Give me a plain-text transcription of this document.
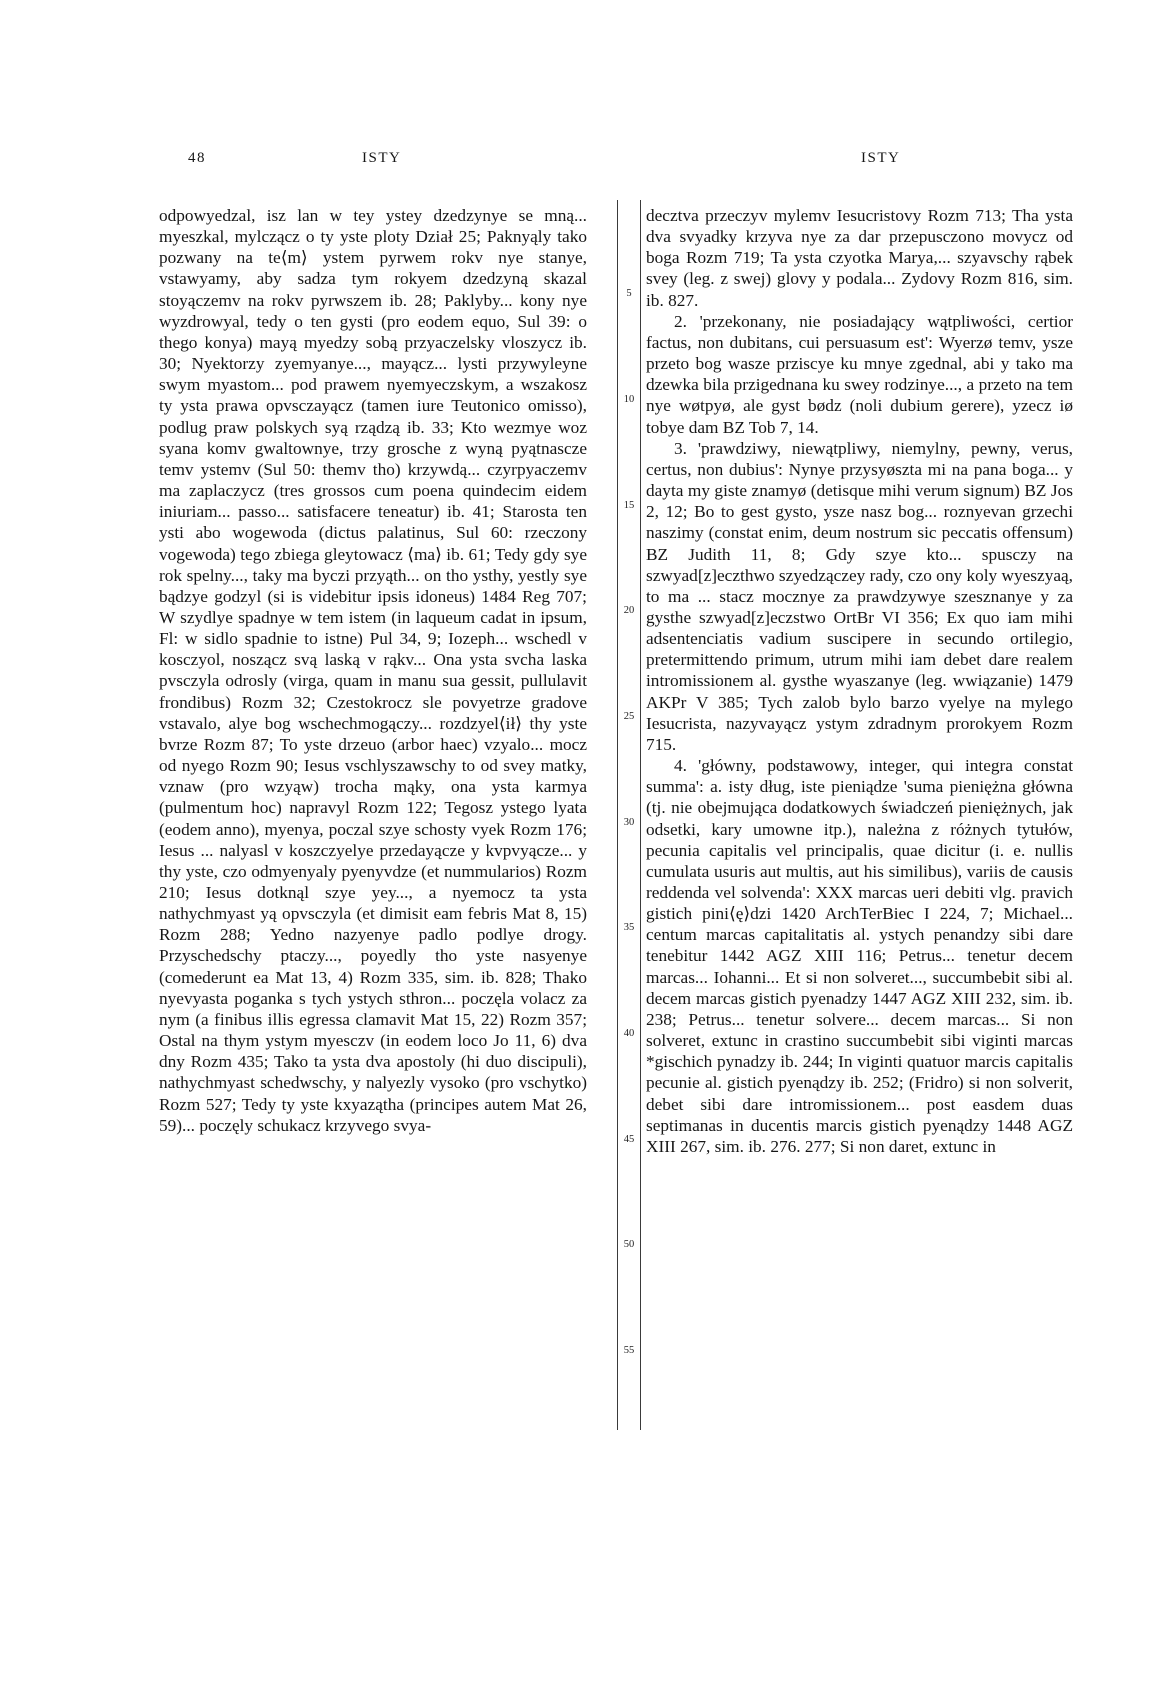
48	ISTY	ISTY
5
10
15
20
25
30
35
40
45
50
55

odpowyedzal, isz lan w tey ystey dzedzynye se mną... myeszkal, mylcząсz o ty yste ploty Dział 25; Paknyąly tako pozwany na te⟨m⟩ ystem pyrwem rokv nye stanye, vstawyamy, aby sadza tym rokyem dzedzyną skazal stoyączemv na rokv pyrwszem ib. 28; Paklyby... kony nye wyzdrowyal, tedy o ten gysti (pro eodem equo, Sul 39: o thego konya) mayą myedzy sobą przyaczelsky vloszycz ib. 30; Nyektorzy zyemyanye..., mayącz... lysti przywyleyne swym myastom... pod prawem nyemyeczskym, a wszakosz ty ysta prawa opvsczayącz (tamen iure Teutonico omisso), podlug praw polskych syą rządzą ib. 33; Kto wezmye woz syana komv gwaltownye, trzy grosche z wyną pyątnascze temv ystemv (Sul 50: themv tho) krzywdą... czyrpyaczemv ma zaplaczycz (tres grossos cum poena quindecim eidem iniuriam... passo... satisfacere teneatur) ib. 41; Starosta ten ysti abo wogewoda (dictus palatinus, Sul 60: rzeczony vogewoda) tego zbiega gleytowacz ⟨ma⟩ ib. 61; Tedy gdy sye rok spelny..., taky ma byczi przyąth... on tho ysthy, yestly sye bądzye godzyl (si is videbitur ipsis idoneus) 1484 Reg 707; W szydlye spadnye w tem istem (in laqueum cadat in ipsum, Fl: w sidlo spadnie to istne) Pul 34, 9; Iozeph... wschedl v kosczyol, noszącz svą laską v rąkv... Ona ysta svcha laska pvsczyla odrosly (virga, quam in manu sua gessit, pullulavit frondibus) Rozm 32; Czestokrocz sle povyetrze gradove vstavalo, alye bog wschechmogączy... rozdzyel⟨ił⟩ thy yste bvrze Rozm 87; To yste drzeuo (arbor haec) vzyalo... mocz od nyego Rozm 90; Iesus vschlyszawschy to od svey matky, vznaw (pro wzyąw) trocha mąky, ona ysta karmya (pulmentum hoc) napravyl Rozm 122; Tegosz ystego lyata (eodem anno), myenya, poczal szye schosty vyek Rozm 176; Iesus ... nalyasl v koszczyelye przedayącze y kvpvyącze... y thy yste, czo odmyenyaly pyenyvdze (et nummularios) Rozm 210; Iesus dotknąl szye yey..., a nyemocz ta ysta nathychmyast yą opvsczyla (et dimisit eam febris Mat 8, 15) Rozm 288; Yedno nazyenye padlo podlye drogy. Przyschedschy ptaczy..., poyedly tho yste nasyenye (comederunt ea Mat 13, 4) Rozm 335, sim. ib. 828; Thako nyevyasta poganka s tych ystych sthron... poczęla volacz za nym (a finibus illis egressa clamavit Mat 15, 22) Rozm 357; Ostal na thym ystym myesczv (in eodem loco Jo 11, 6) dva dny Rozm 435; Tako ta ysta dva apostoly (hi duo discipuli), nathychmyast schedwschy, y nalyezly vysoko (pro vschytko) Rozm 527; Tedy ty yste kxyazątha (principes autem Mat 26, 59)... poczęly schukacz krzyvego svya-

decztva przeczyv mylemv Iesucristovy Rozm 713; Tha ysta dva svyadky krzyva nye za dar przepusczono movycz od boga Rozm 719; Ta ysta czyotka Marya,... szyavschy rąbek svey (leg. z swej) glovy y podala... Zydovy Rozm 816, sim. ib. 827.

2. 'przekonany, nie posiadający wątpliwości, certior factus, non dubitans, cui persuasum est': Wyerzø temv, ysze przeto bog wasze przisсye ku mnye zgednal, abi y tako ma dzewka bila przigednana ku swey rodzinye..., a przeto na tem nye wøtpyø, ale gyst bødz (noli dubium gerere), yzecz iø tobye dam BZ Tob 7, 14.

3. 'prawdziwy, niewątpliwy, niemylny, pewny, verus, certus, non dubius': Nynye przysyøszta mi na pana boga... y dayta my giste znamyø (detisque mihi verum signum) BZ Jos 2, 12; Bo to gest gysto, ysze nasz bog... roznyevan grzechi naszimy (constat enim, deum nostrum sic peccatis offensum) BZ Judith 11, 8; Gdy szye kto... spusczy na szwyad[z]eczthwo szyedząсzey rady, czo ony koly wyeszyaą, to ma ... stacz mocznye za prawdzywye szesznanye y za gysthe szwyad[z]eczstwo OrtBr VI 356; Ex quo iam mihi adsentenciatis vadium suscipere in secundo ortilegio, pretermittendo primum, utrum mihi iam debet dare realem intromissionem al. gysthe wyaszanye (leg. wwiązanie) 1479 AKPr V 385; Tych zalob bylo barzo vyelye na mylego Iesucrista, nazyvayącz ystym zdradnym prorokyem Rozm 715.

4. 'główny, podstawowy, integer, qui integra constat summa': a. isty dług, iste pieniądze 'suma pieniężna główna (tj. nie obejmująca dodatkowych świadczeń pieniężnych, jak odsetki, kary umowne itp.), należna z różnych tytułów, pecunia capitalis vel principalis, quae dicitur (i. e. nullis cumulata usuris aut multis, aut his similibus), variis de causis reddenda vel solvenda': XXX marcas ueri debiti vlg. pravich gistich pini⟨ę⟩dzi 1420 ArchTerBiec I 224, 7; Michael... centum marcas capitalitatis al. ystych penandzy sibi dare tenebitur 1442 AGZ XIII 116; Petrus... tenetur decem marcas... Iohanni... Et si non solveret..., succumbebit sibi al. decem marcas gistich pyenadzy 1447 AGZ XIII 232, sim. ib. 238; Petrus... tenetur solvere... decem marcas... Si non solveret, extunc in crastino succumbebit sibi viginti marcas *gischich pynadzy ib. 244; In viginti quatuor marcis capitalis pecunie al. gistich pyenądzy ib. 252; (Fridro) si non solverit, debet sibi dare intromissionem... post easdem duas septimanas in ducentis marcis gistich pyenądzy 1448 AGZ XIII 267, sim. ib. 276. 277; Si non daret, extunc in
